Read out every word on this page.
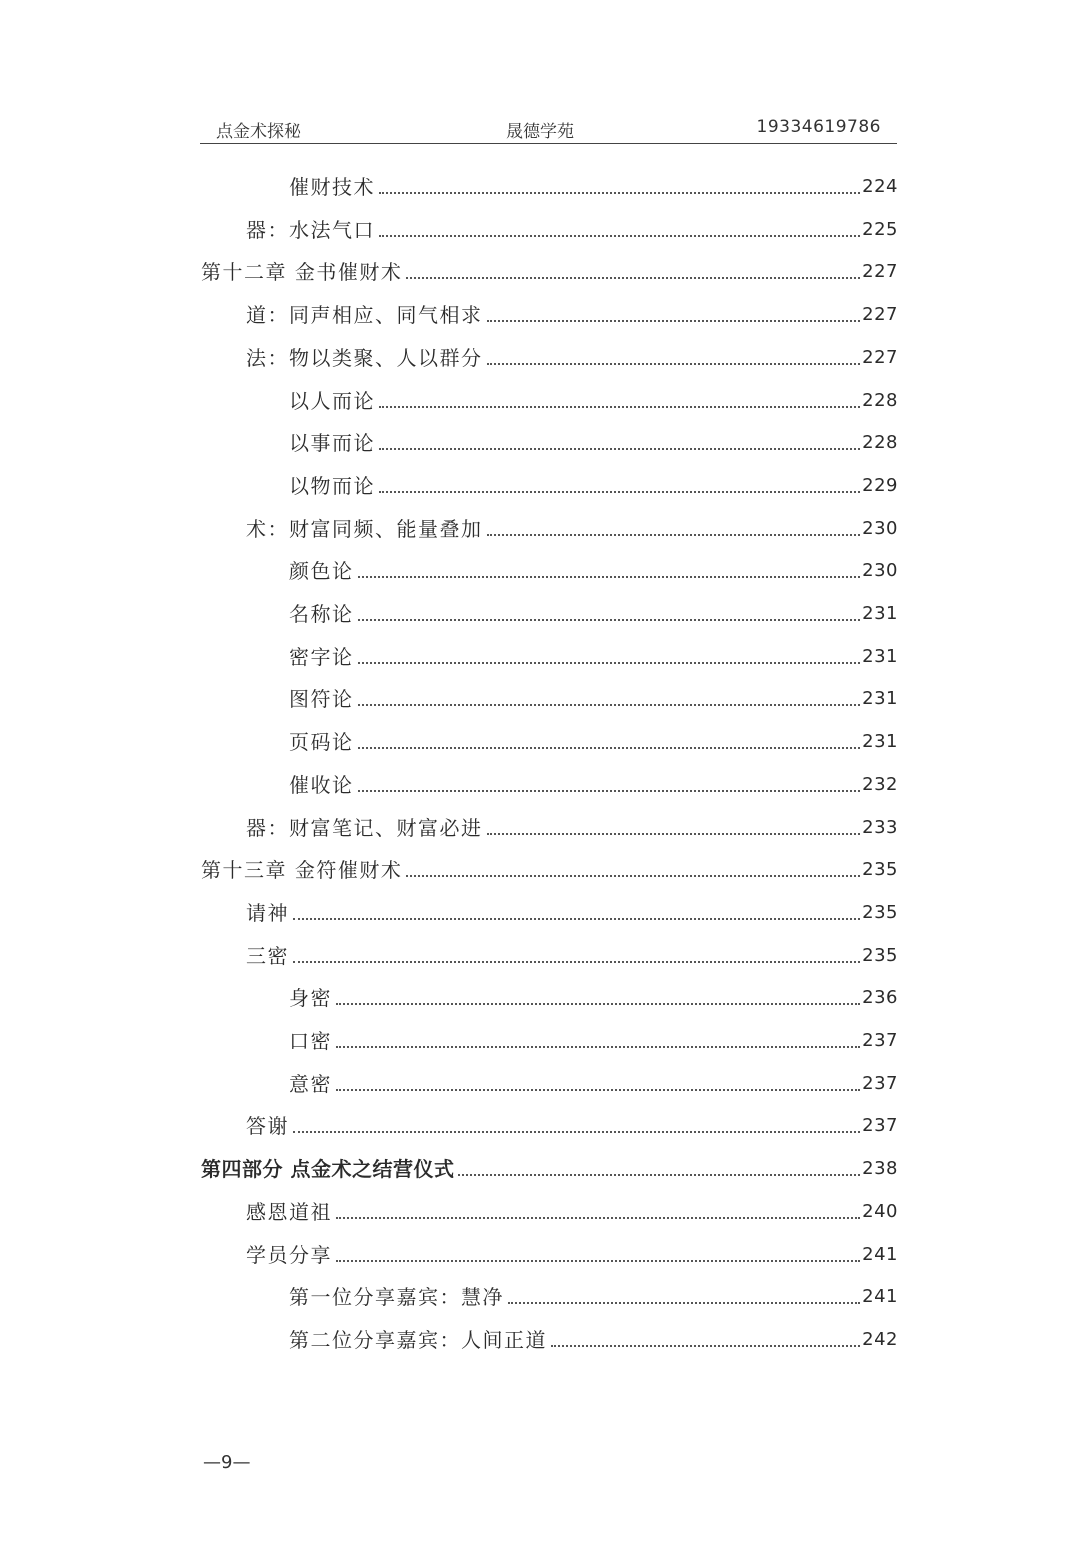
点金术探秘	晟德学苑	19334619786
催财技术	224
器：水法气口	225
第十二章 金书催财术	227
道：同声相应、同气相求	227
法：物以类聚、人以群分	227
以人而论	228
以事而论	228
以物而论	229
术：财富同频、能量叠加	230
颜色论	230
名称论	231
密字论	231
图符论	231
页码论	231
催收论	232
器：财富笔记、财富必进	233
第十三章 金符催财术	235
请神	235
三密	235
身密	236
口密	237
意密	237
答谢	237
第四部分 点金术之结营仪式	238
感恩道祖	240
学员分享	241
第一位分享嘉宾：慧净	241
第二位分享嘉宾：人间正道	242
—9—
